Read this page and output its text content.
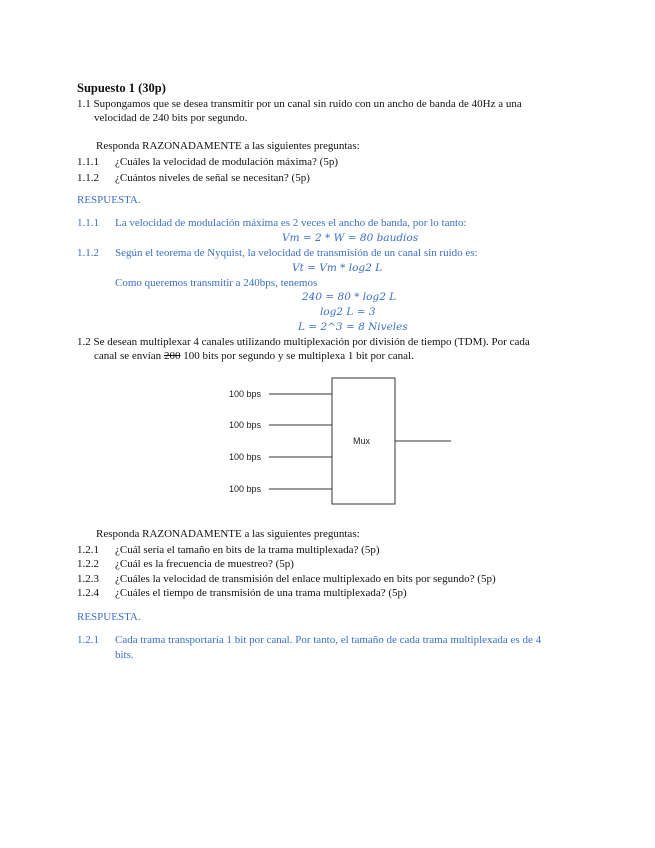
Supuesto 1 (30p)
1.1 Supongamos que se desea transmitir por un canal sin ruido con un ancho de banda de 40Hz a una
velocidad de 240 bits por segundo.
Responda RAZONADAMENTE a las siguientes preguntas:
1.1.1 ¿Cuáles la velocidad de modulación máxima? (5p)
1.1.2 ¿Cuántos niveles de señal se necesitan? (5p)
RESPUESTA.
1.1.1 La velocidad de modulación máxima es 2 veces el ancho de banda, por lo tanto:
Vm = 2 * W = 80 baudios
1.1.2 Según el teorema de Nyquist, la velocidad de transmisión de un canal sin ruido es:
Vt = Vm * log2 L
Como queremos transmitir a 240bps, tenemos
240 = 80 * log2 L
log2 L = 3
L = 2^3 = 8 Niveles
1.2 Se desean multiplexar 4 canales utilizando multiplexación por división de tiempo (TDM). Por cada
canal se envían 200 100 bits por segundo y se multiplexa 1 bit por canal.
Mux
100 bps
100 bps
100 bps
100 bps
Responda RAZONADAMENTE a las siguientes preguntas:
1.2.1 ¿Cuál sería el tamaño en bits de la trama multiplexada? (5p)
1.2.2 ¿Cuál es la frecuencia de muestreo? (5p)
1.2.3 ¿Cuáles la velocidad de transmisión del enlace multiplexado en bits por segundo? (5p)
1.2.4 ¿Cuáles el tiempo de transmisión de una trama multiplexada? (5p)
RESPUESTA.
1.2.1 Cada trama transportaría 1 bit por canal. Por tanto, el tamaño de cada trama multiplexada es de 4
bits.
